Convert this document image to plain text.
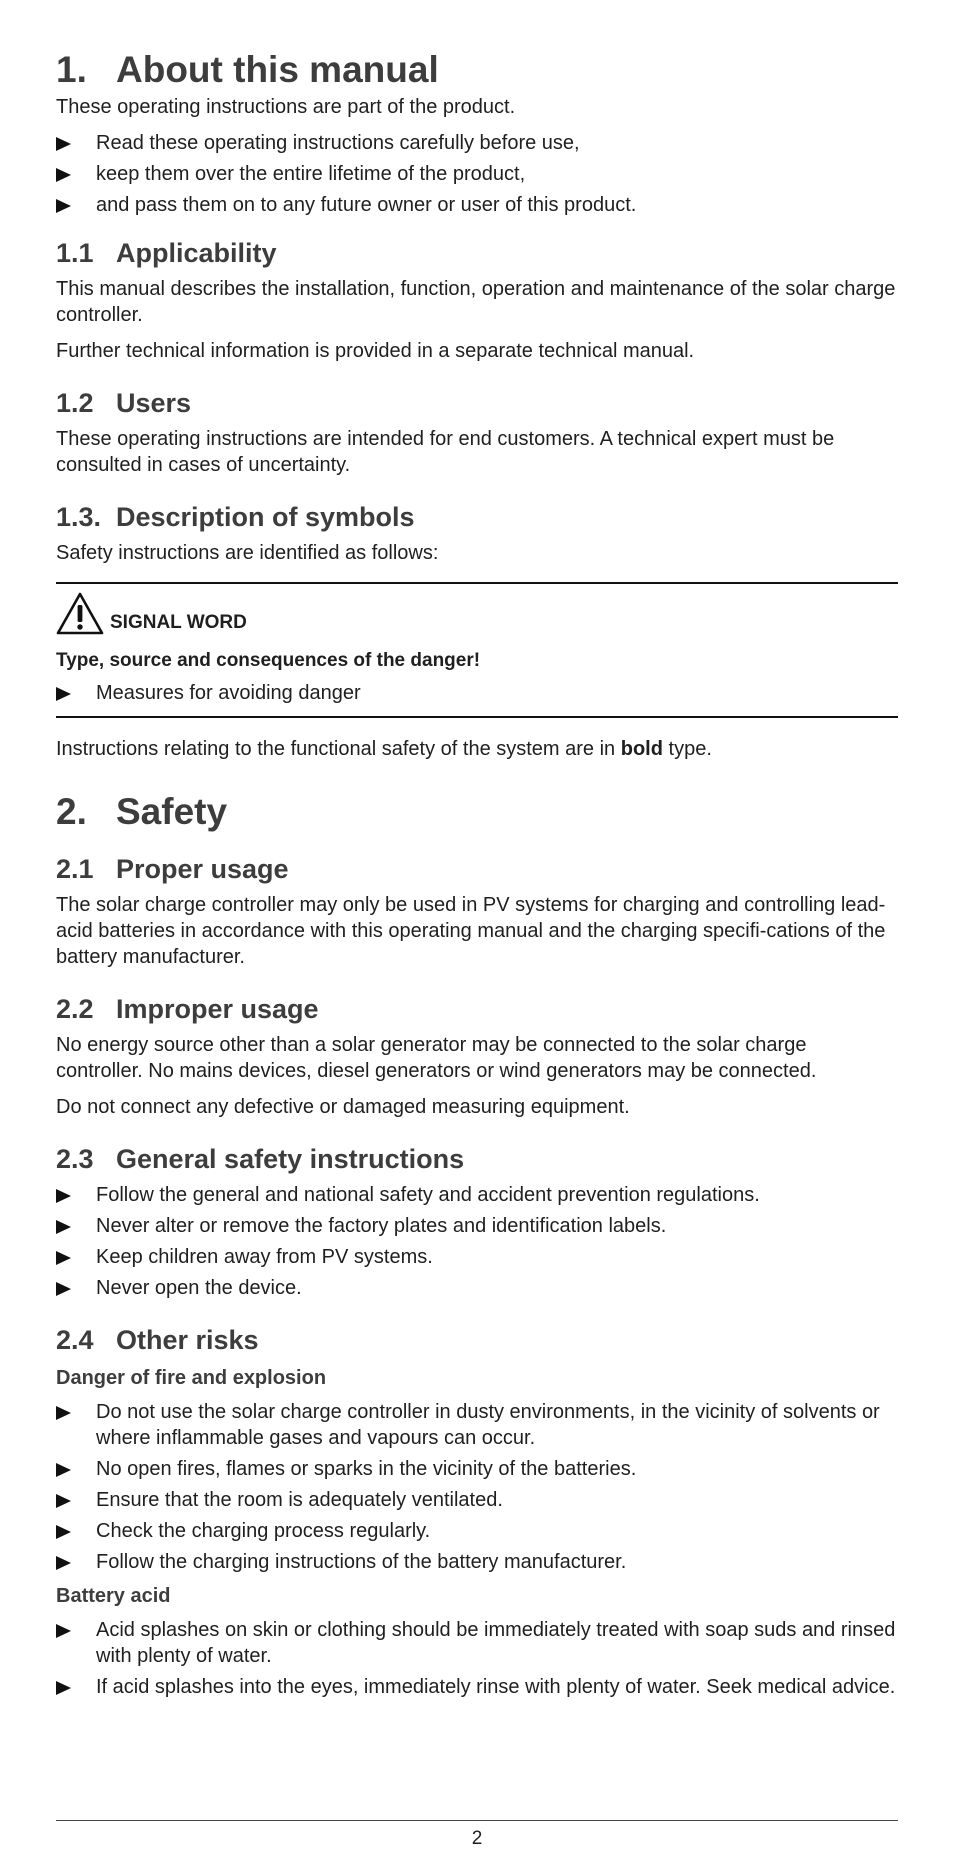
1. About this manual

These operating instructions are part of the product.

Read these operating instructions carefully before use,
keep them over the entire lifetime of the product,
and pass them on to any future owner or user of this product.
1.1 Applicability

This manual describes the installation, function, operation and maintenance of the solar charge controller.

Further technical information is provided in a separate technical manual.

1.2 Users

These operating instructions are intended for end customers. A technical expert must be consulted in cases of uncertainty.

1.3. Description of symbols

Safety instructions are identified as follows:

SIGNAL WORD
Type, source and consequences of the danger!
Measures for avoiding danger

Instructions relating to the functional safety of the system are in bold type.

2. Safety
2.1 Proper usage

The solar charge controller may only be used in PV systems for charging and controlling lead-acid batteries in accordance with this operating manual and the charging specifi-cations of the battery manufacturer.

2.2 Improper usage

No energy source other than a solar generator may be connected to the solar charge controller. No mains devices, diesel generators or wind generators may be connected.

Do not connect any defective or damaged measuring equipment.

2.3 General safety instructions
Follow the general and national safety and accident prevention regulations.
Never alter or remove the factory plates and identification labels.
Keep children away from PV systems.
Never open the device.
2.4 Other risks
Danger of fire and explosion
Do not use the solar charge controller in dusty environments, in the vicinity of solvents or where inflammable gases and vapours can occur.
No open fires, flames or sparks in the vicinity of the batteries.
Ensure that the room is adequately ventilated.
Check the charging process regularly.
Follow the charging instructions of the battery manufacturer.
Battery acid
Acid splashes on skin or clothing should be immediately treated with soap suds and rinsed with plenty of water.
If acid splashes into the eyes, immediately rinse with plenty of water. Seek medical advice.
2
